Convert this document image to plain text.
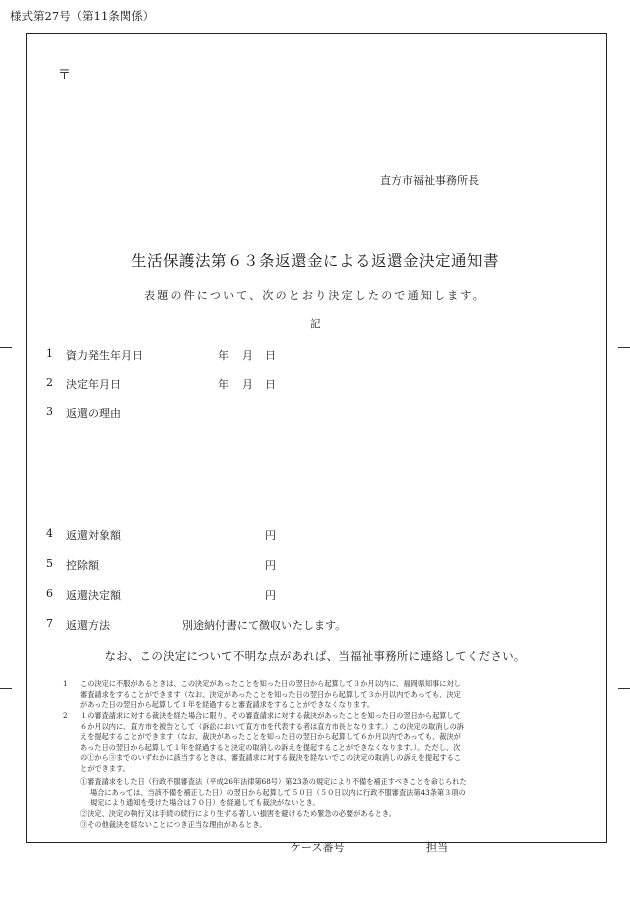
様式第27号（第11条関係）
〒
直方市福祉事務所長
生活保護法第６３条返還金による返還金決定通知書
表題の件について、次のとおり決定したので通知します。
記
1 資力発生年月日	年 月 日
2 決定年月日	年 月 日
3 返還の理由
4 返還対象額	円
5 控除額	円
6 返還決定額	円
7 返還方法	別途納付書にて徴収いたします。
なお、この決定について不明な点があれば、当福祉事務所に連絡してください。
1 この決定に不服があるときは、この決定があったことを知った日の翌日から起算して３か月以内に、福岡県知事に対し
審査請求をすることができます（なお、決定があったことを知った日の翌日から起算して３か月以内であっても、決定
があった日の翌日から起算して１年を経過すると審査請求をすることができなくなります。
2 １の審査請求に対する裁決を経た場合に限り、その審査請求に対する裁決があったことを知った日の翌日から起算して
６か月以内に、直方市を被告として（訴訟において直方市を代表する者は直方市長となります。）この決定の取消しの訴
えを提起することができます（なお、裁決があったことを知った日の翌日から起算して６か月以内であっても、裁決が
あった日の翌日から起算して１年を経過すると決定の取消しの訴えを提起することができなくなります。）。ただし、次
の①から③までのいずれかに該当するときは、審査請求に対する裁決を経ないでこの決定の取消しの訴えを提起するこ
とができます。
①審査請求をした日（行政不服審査法（平成26年法律第68号）第23条の規定により不備を補正すべきことを命じられた
場合にあっては、当該不備を補正した日）の翌日から起算して５０日（５０日以内に行政不服審査法第43条第３項の
規定により通知を受けた場合は７０日）を経過しても裁決がないとき。
②決定、決定の執行又は手続の続行により生ずる著しい損害を避けるため緊急の必要があるとき。
③その他裁決を経ないことにつき正当な理由があるとき。
ケース番号	担当
